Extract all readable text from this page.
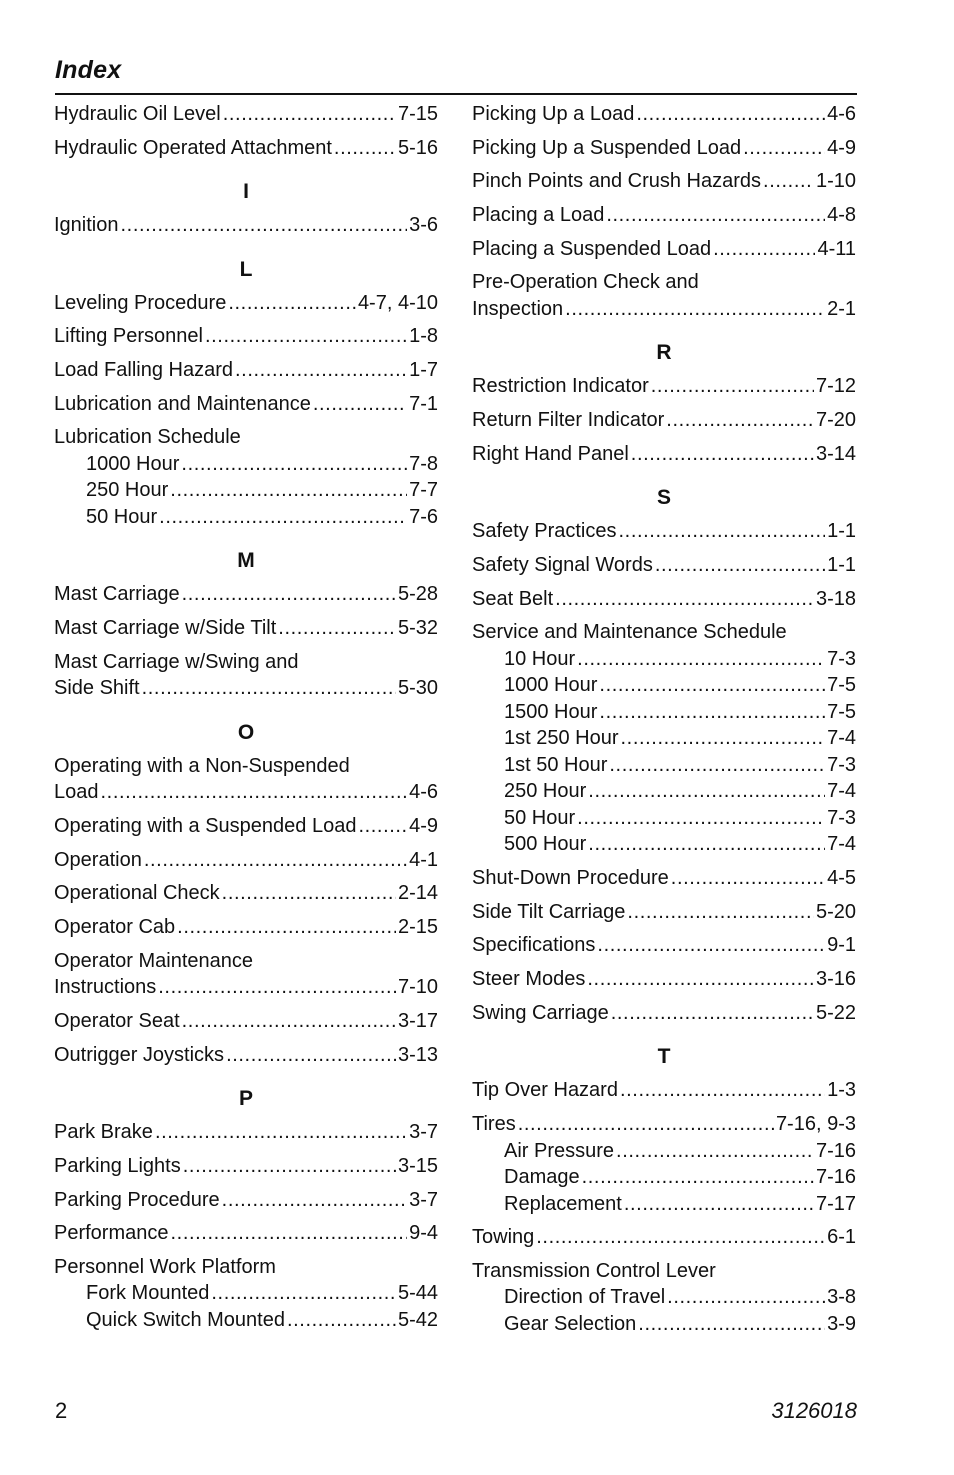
Index
Hydraulic Oil Level .....	7-15
Hydraulic Operated Attachment .....	5-16
I
Ignition .....	3-6
L
Leveling Procedure .....	4-7, 4-10
Lifting Personnel .....	1-8
Load Falling Hazard .....	1-7
Lubrication and Maintenance .....	7-1
Lubrication Schedule
1000 Hour .....	7-8
250 Hour .....	7-7
50 Hour .....	7-6
M
Mast Carriage .....	5-28
Mast Carriage w/Side Tilt .....	5-32
Mast Carriage w/Swing and
Side Shift .....	5-30
O
Operating with a Non-Suspended
Load .....	4-6
Operating with a Suspended Load .....	4-9
Operation .....	4-1
Operational Check .....	2-14
Operator Cab .....	2-15
Operator Maintenance
Instructions .....	7-10
Operator Seat .....	3-17
Outrigger Joysticks .....	3-13
P
Park Brake .....	3-7
Parking Lights .....	3-15
Parking Procedure .....	3-7
Performance .....	9-4
Personnel Work Platform
Fork Mounted .....	5-44
Quick Switch Mounted .....	5-42
Picking Up a Load .....	4-6
Picking Up a Suspended Load .....	4-9
Pinch Points and Crush Hazards .....	1-10
Placing a Load .....	4-8
Placing a Suspended Load .....	4-11
Pre-Operation Check and
Inspection .....	2-1
R
Restriction Indicator .....	7-12
Return Filter Indicator .....	7-20
Right Hand Panel .....	3-14
S
Safety Practices .....	1-1
Safety Signal Words .....	1-1
Seat Belt .....	3-18
Service and Maintenance Schedule
10 Hour .....	7-3
1000 Hour .....	7-5
1500 Hour .....	7-5
1st 250 Hour .....	7-4
1st 50 Hour .....	7-3
250 Hour .....	7-4
50 Hour .....	7-3
500 Hour .....	7-4
Shut-Down Procedure .....	4-5
Side Tilt Carriage .....	5-20
Specifications .....	9-1
Steer Modes .....	3-16
Swing Carriage .....	5-22
T
Tip Over Hazard .....	1-3
Tires .....	7-16, 9-3
Air Pressure .....	7-16
Damage .....	7-16
Replacement .....	7-17
Towing .....	6-1
Transmission Control Lever
Direction of Travel .....	3-8
Gear Selection .....	3-9
2	3126018
